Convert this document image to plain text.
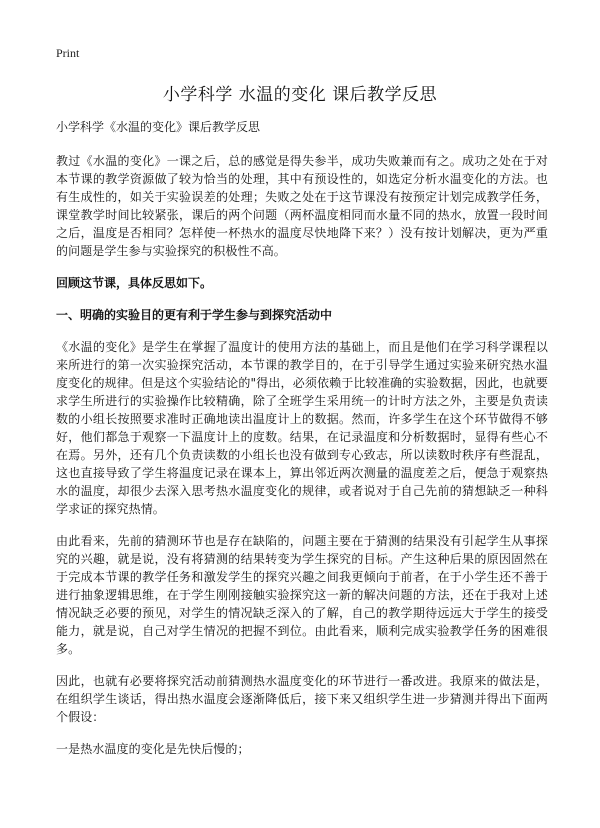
Print
小学科学 水温的变化 课后教学反思

小学科学《水温的变化》课后教学反思

教过《水温的变化》一课之后，总的感觉是得失参半，成功失败兼而有之。成功之处在于对本节课的教学资源做了较为恰当的处理，其中有预设性的，如选定分析水温变化的方法。也有生成性的，如关于实验误差的处理；失败之处在于这节课没有按预定计划完成教学任务，课堂教学时间比较紧张，课后的两个问题（两杯温度相同而水量不同的热水，放置一段时间之后，温度是否相同？怎样使一杯热水的温度尽快地降下来？）没有按计划解决，更为严重的问题是学生参与实验探究的积极性不高。

回顾这节课，具体反思如下。

一、明确的实验目的更有利于学生参与到探究活动中

《水温的变化》是学生在掌握了温度计的使用方法的基础上，而且是他们在学习科学课程以来所进行的第一次实验探究活动，本节课的教学目的，在于引导学生通过实验来研究热水温度变化的规律。但是这个实验结论的"得出，必须依赖于比较准确的实验数据，因此，也就要求学生所进行的实验操作比较精确，除了全班学生采用统一的计时方法之外，主要是负责读数的小组长按照要求准时正确地读出温度计上的数据。然而，许多学生在这个环节做得不够好，他们都急于观察一下温度计上的度数。结果，在记录温度和分析数据时，显得有些心不在焉。另外，还有几个负责读数的小组长也没有做到专心致志，所以读数时秩序有些混乱，这也直接导致了学生将温度记录在课本上，算出邻近两次测量的温度差之后，便急于观察热水的温度，却很少去深入思考热水温度变化的规律，或者说对于自己先前的猜想缺乏一种科学求证的探究热情。

由此看来，先前的猜测环节也是存在缺陷的，问题主要在于猜测的结果没有引起学生从事探究的兴趣，就是说，没有将猜测的结果转变为学生探究的目标。产生这种后果的原因固然在于完成本节课的教学任务和激发学生的探究兴趣之间我更倾向于前者，在于小学生还不善于进行抽象逻辑思维，在于学生刚刚接触实验探究这一新的解决问题的方法，还在于我对上述情况缺乏必要的预见，对学生的情况缺乏深入的了解，自己的教学期待远远大于学生的接受能力，就是说，自己对学生情况的把握不到位。由此看来，顺利完成实验教学任务的困难很多。

因此，也就有必要将探究活动前猜测热水温度变化的环节进行一番改进。我原来的做法是，在组织学生谈话，得出热水温度会逐渐降低后，接下来又组织学生进一步猜测并得出下面两个假设：

一是热水温度的变化是先快后慢的；
